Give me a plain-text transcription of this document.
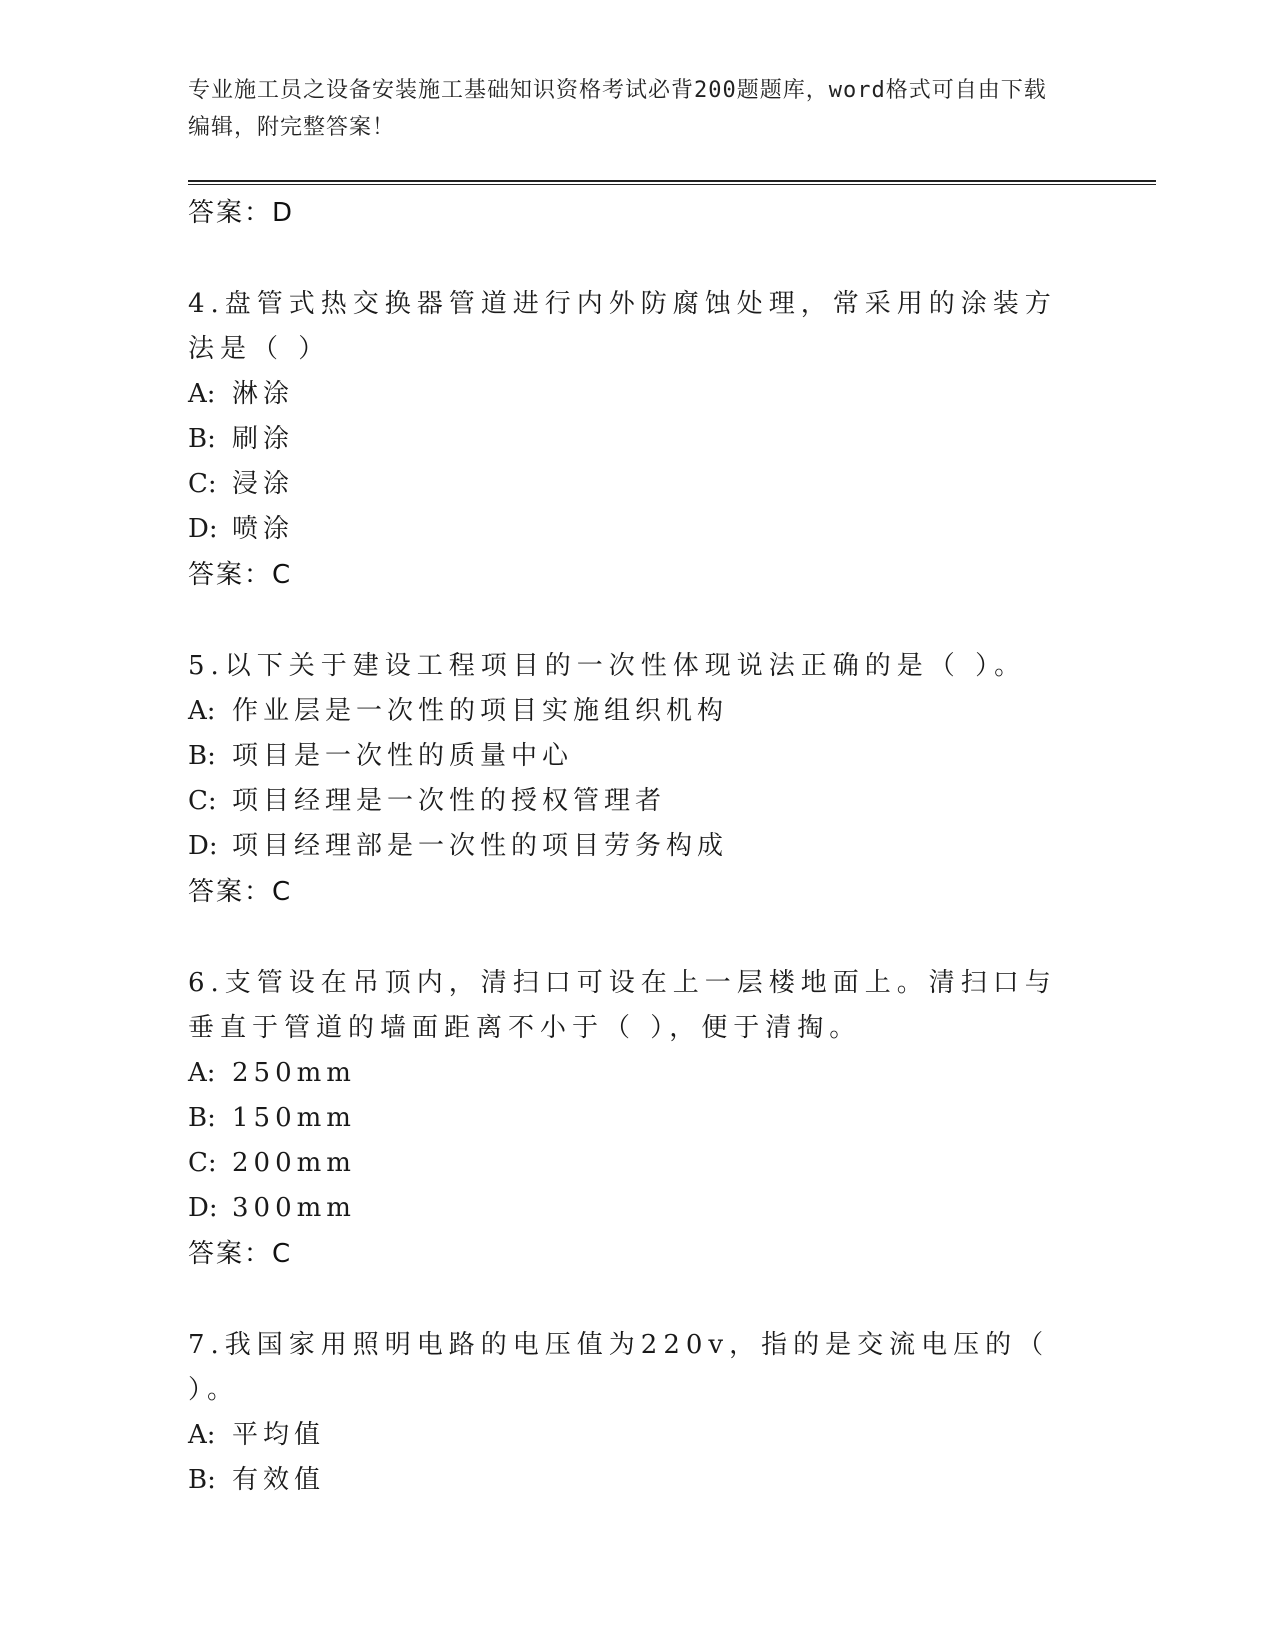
专业施工员之设备安装施工基础知识资格考试必背200题题库，word格式可自由下载编辑，附完整答案！
答案：D
4.盘管式热交换器管道进行内外防腐蚀处理，常采用的涂装方法是（ ）
A: 淋涂
B: 刷涂
C: 浸涂
D: 喷涂
答案：C
5.以下关于建设工程项目的一次性体现说法正确的是（ ）。
A: 作业层是一次性的项目实施组织机构
B: 项目是一次性的质量中心
C: 项目经理是一次性的授权管理者
D: 项目经理部是一次性的项目劳务构成
答案：C
6.支管设在吊顶内，清扫口可设在上一层楼地面上。清扫口与垂直于管道的墙面距离不小于（ ），便于清掏。
A: 250mm
B: 150mm
C: 200mm
D: 300mm
答案：C
7.我国家用照明电路的电压值为220v，指的是交流电压的（ ）。
A: 平均值
B: 有效值
